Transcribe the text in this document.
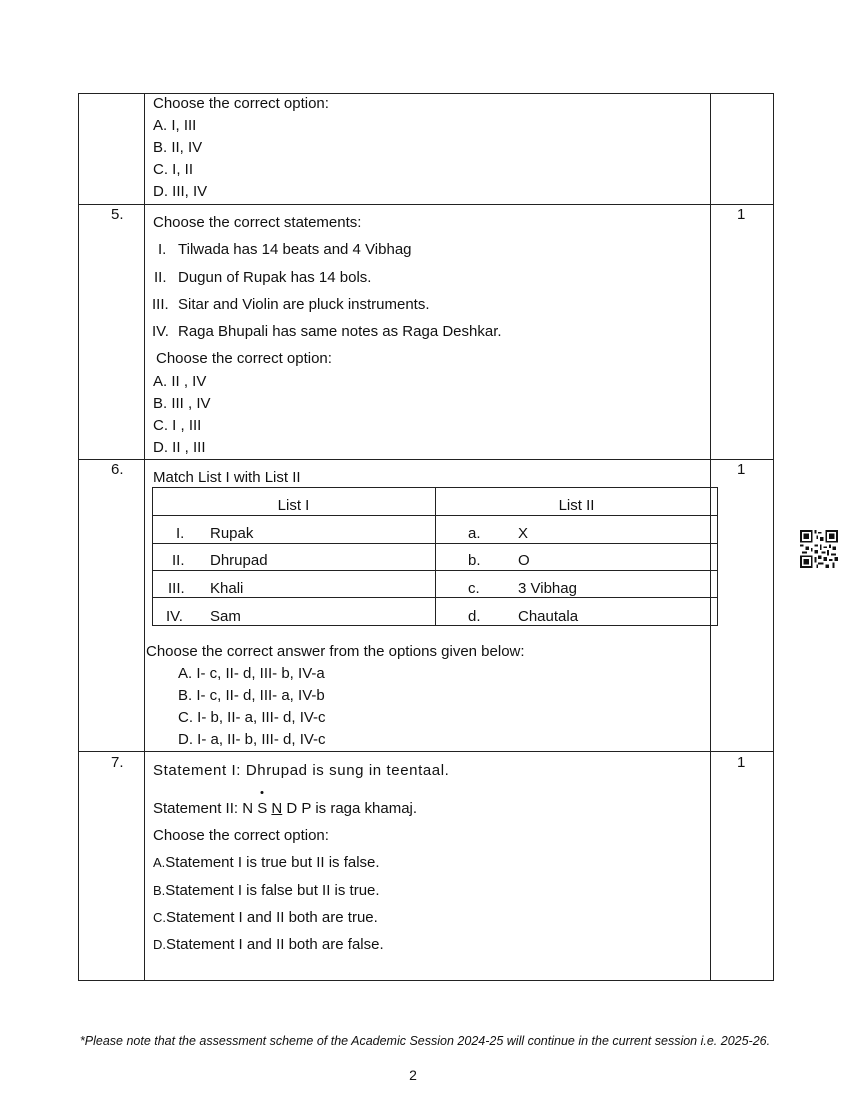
Choose the correct option:
A. I, III
B. II, IV
C. I, II
D. III, IV
5.	1
Choose the correct statements:
I. Tilwada has 14 beats and 4 Vibhag
II. Dugun of Rupak has 14 bols.
III. Sitar and Violin are pluck instruments.
IV. Raga Bhupali has same notes as Raga Deshkar.
Choose the correct option:
A. II , IV
B. III , IV
C. I , III
D. II , III
6.	1
Match List I with List II
List I	List II
I. Rupak	a. X
II. Dhrupad	b. O
III. Khali	c.	3 Vibhag
IV. Sam	d. Chautala
Choose the correct answer from the options given below:
A. I- c, II- d, III- b, IV-a
B. I- c, II- d, III- a, IV-b
C. I- b, II- a, III- d, IV-c
D. I- a, II- b, III- d, IV-c
7.	1
Statement I: Dhrupad is sung in teentaal.
Statement II: N S N D P is raga khamaj.
Choose the correct option:
A.Statement I is true but II is false.
B.Statement I is false but II is true.
C.Statement I and II both are true.
D.Statement I and II both are false.
*Please note that the assessment scheme of the Academic Session 2024-25 will continue in the current session i.e. 2025-26.
2
